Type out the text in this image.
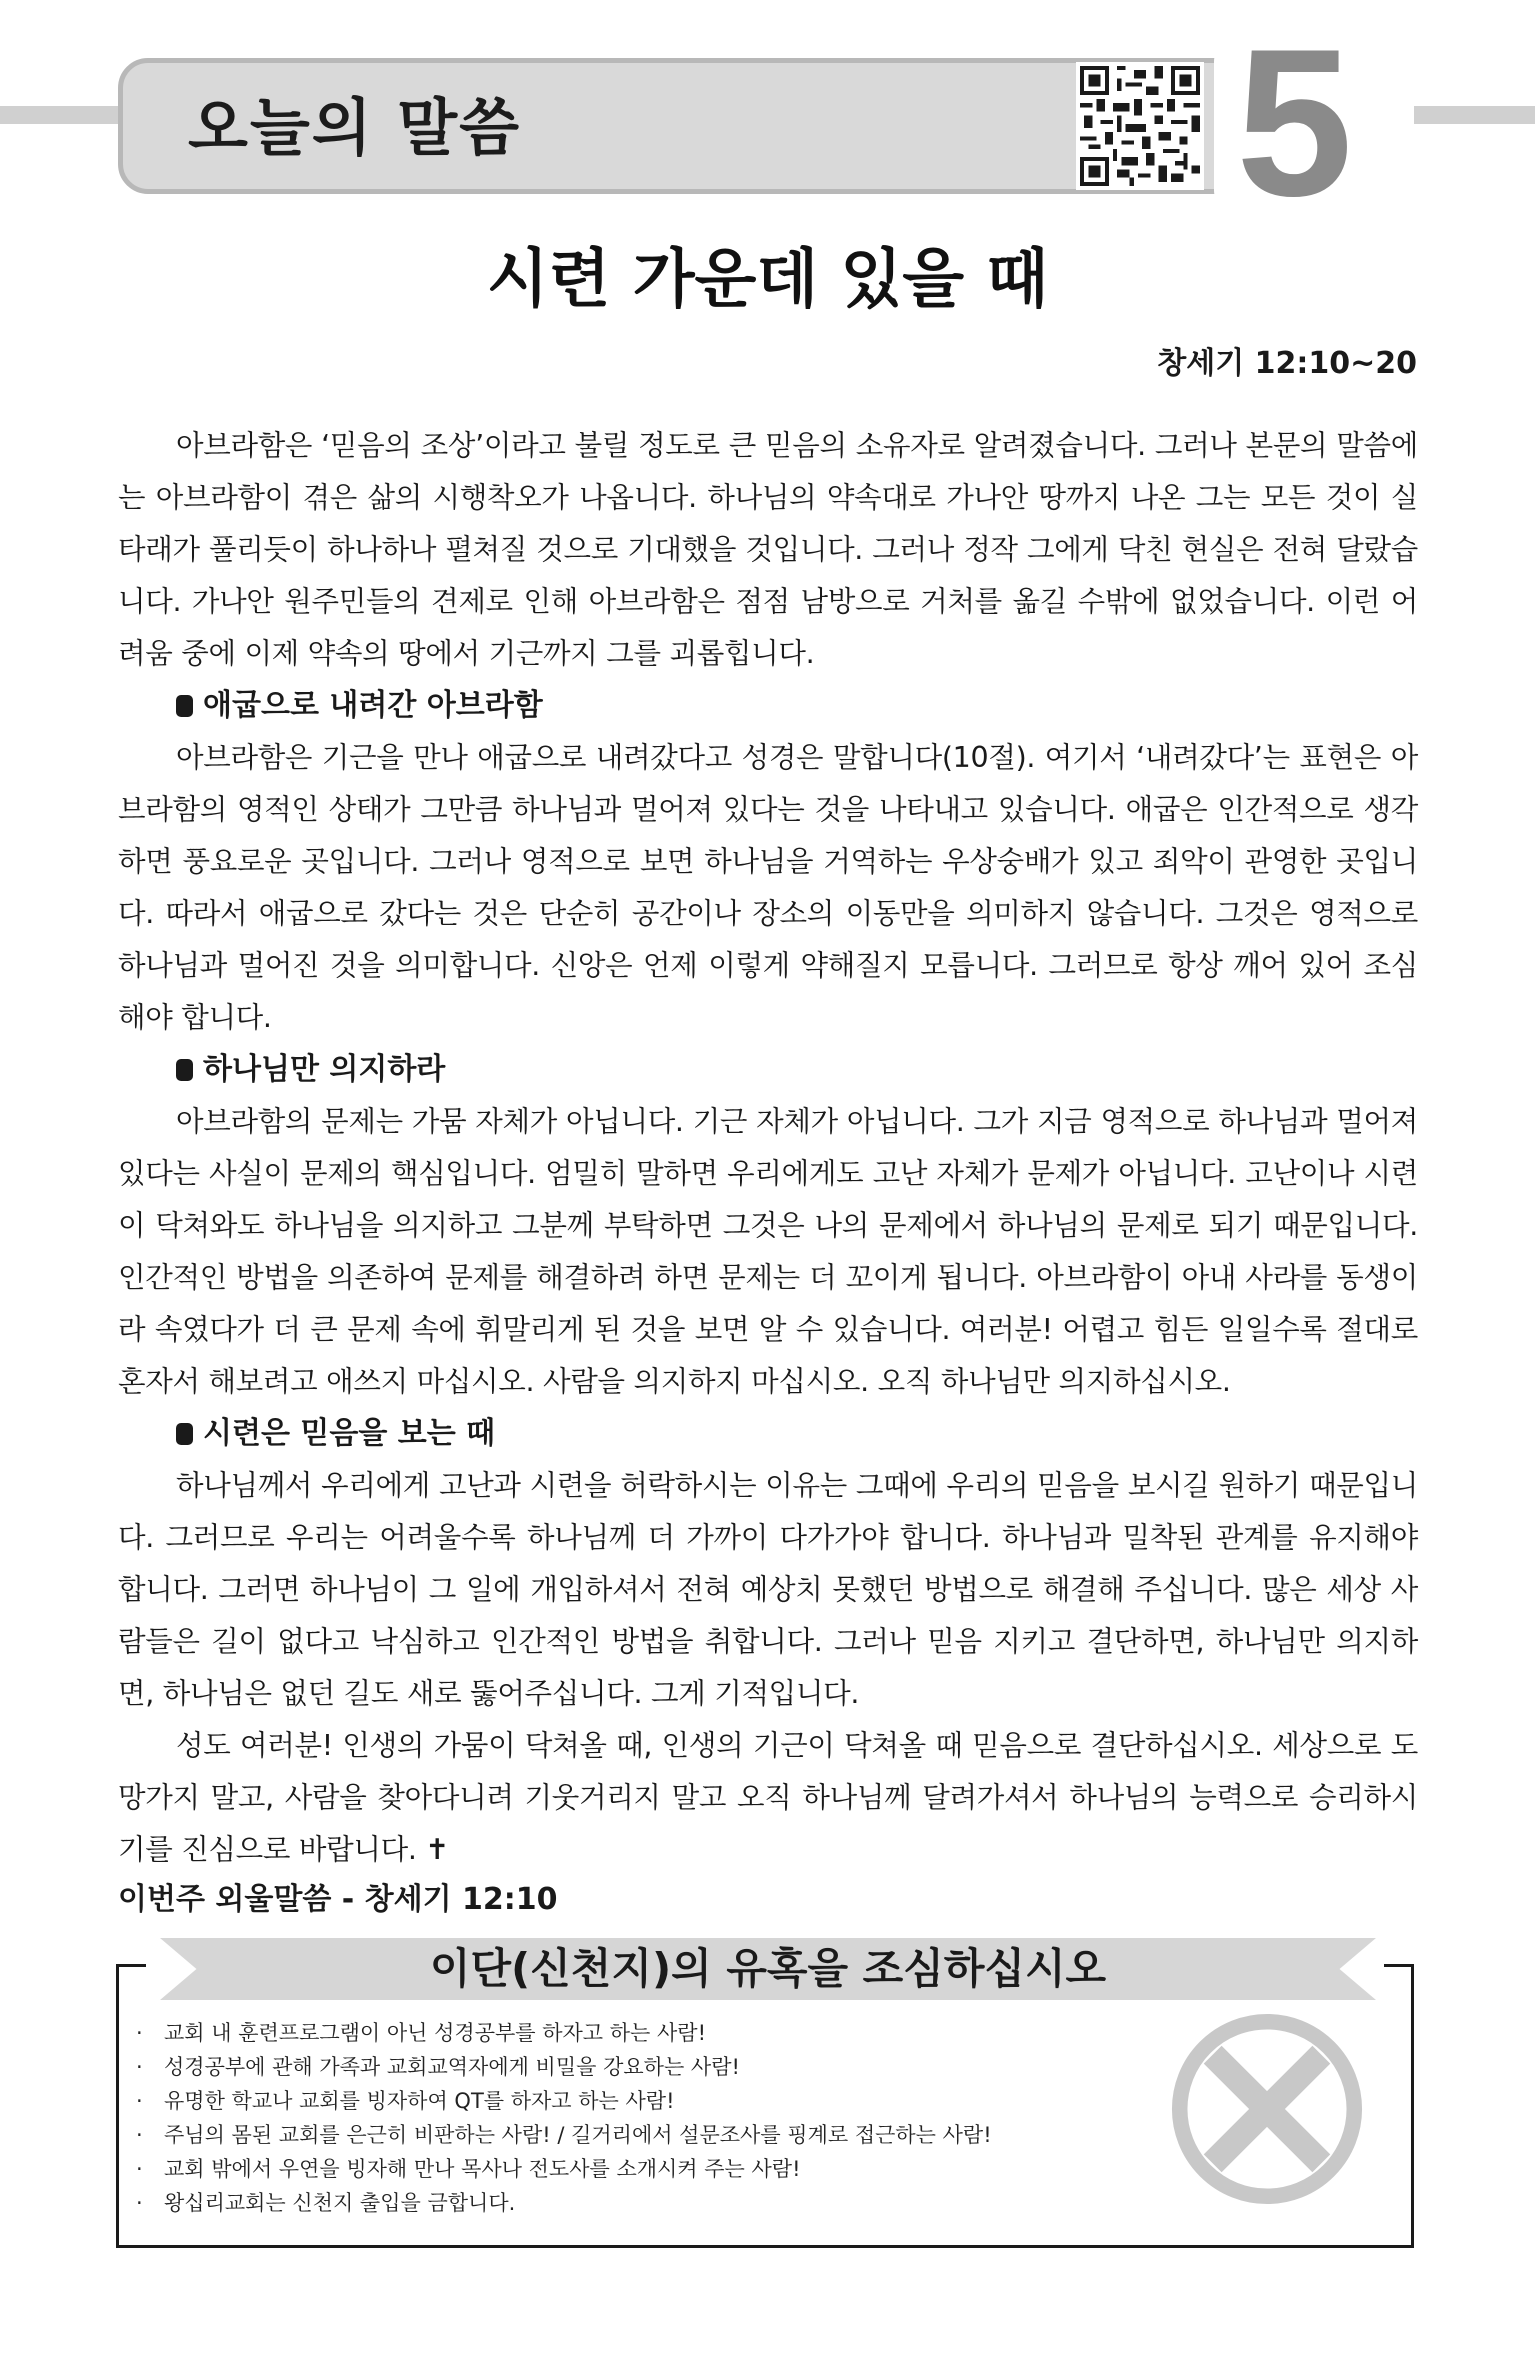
오늘의 말씀	5
시련 가운데 있을 때
창세기 12:10~20

아브라함은 ‘믿음의 조상’이라고 불릴 정도로 큰 믿음의 소유자로 알려졌습니다. 그러나 본문의 말씀에는 아브라함이 겪은 삶의 시행착오가 나옵니다. 하나님의 약속대로 가나안 땅까지 나온 그는 모든 것이 실타래가 풀리듯이 하나하나 펼쳐질 것으로 기대했을 것입니다. 그러나 정작 그에게 닥친 현실은 전혀 달랐습니다. 가나안 원주민들의 견제로 인해 아브라함은 점점 남방으로 거처를 옮길 수밖에 없었습니다. 이런 어려움 중에 이제 약속의 땅에서 기근까지 그를 괴롭힙니다.

애굽으로 내려간 아브라함

아브라함은 기근을 만나 애굽으로 내려갔다고 성경은 말합니다(10절). 여기서 ‘내려갔다’는 표현은 아브라함의 영적인 상태가 그만큼 하나님과 멀어져 있다는 것을 나타내고 있습니다. 애굽은 인간적으로 생각하면 풍요로운 곳입니다. 그러나 영적으로 보면 하나님을 거역하는 우상숭배가 있고 죄악이 관영한 곳입니다. 따라서 애굽으로 갔다는 것은 단순히 공간이나 장소의 이동만을 의미하지 않습니다. 그것은 영적으로 하나님과 멀어진 것을 의미합니다. 신앙은 언제 이렇게 약해질지 모릅니다. 그러므로 항상 깨어 있어 조심해야 합니다.

하나님만 의지하라

아브라함의 문제는 가뭄 자체가 아닙니다. 기근 자체가 아닙니다. 그가 지금 영적으로 하나님과 멀어져 있다는 사실이 문제의 핵심입니다. 엄밀히 말하면 우리에게도 고난 자체가 문제가 아닙니다. 고난이나 시련이 닥쳐와도 하나님을 의지하고 그분께 부탁하면 그것은 나의 문제에서 하나님의 문제로 되기 때문입니다. 인간적인 방법을 의존하여 문제를 해결하려 하면 문제는 더 꼬이게 됩니다. 아브라함이 아내 사라를 동생이라 속였다가 더 큰 문제 속에 휘말리게 된 것을 보면 알 수 있습니다. 여러분! 어렵고 힘든 일일수록 절대로 혼자서 해보려고 애쓰지 마십시오. 사람을 의지하지 마십시오. 오직 하나님만 의지하십시오.

시련은 믿음을 보는 때

하나님께서 우리에게 고난과 시련을 허락하시는 이유는 그때에 우리의 믿음을 보시길 원하기 때문입니다. 그러므로 우리는 어려울수록 하나님께 더 가까이 다가가야 합니다. 하나님과 밀착된 관계를 유지해야 합니다. 그러면 하나님이 그 일에 개입하셔서 전혀 예상치 못했던 방법으로 해결해 주십니다. 많은 세상 사람들은 길이 없다고 낙심하고 인간적인 방법을 취합니다. 그러나 믿음 지키고 결단하면, 하나님만 의지하면, 하나님은 없던 길도 새로 뚫어주십니다. 그게 기적입니다.

성도 여러분! 인생의 가뭄이 닥쳐올 때, 인생의 기근이 닥쳐올 때 믿음으로 결단하십시오. 세상으로 도망가지 말고, 사람을 찾아다니려 기웃거리지 말고 오직 하나님께 달려가셔서 하나님의 능력으로 승리하시기를 진심으로 바랍니다. ✝

이번주 외울말씀 - 창세기 12:10
이단(신천지)의 유혹을 조심하십시오
· 교회 내 훈련프로그램이 아닌 성경공부를 하자고 하는 사람!
· 성경공부에 관해 가족과 교회교역자에게 비밀을 강요하는 사람!
· 유명한 학교나 교회를 빙자하여 QT를 하자고 하는 사람!
· 주님의 몸된 교회를 은근히 비판하는 사람! / 길거리에서 설문조사를 핑계로 접근하는 사람!
· 교회 밖에서 우연을 빙자해 만나 목사나 전도사를 소개시켜 주는 사람!
· 왕십리교회는 신천지 출입을 금합니다.
